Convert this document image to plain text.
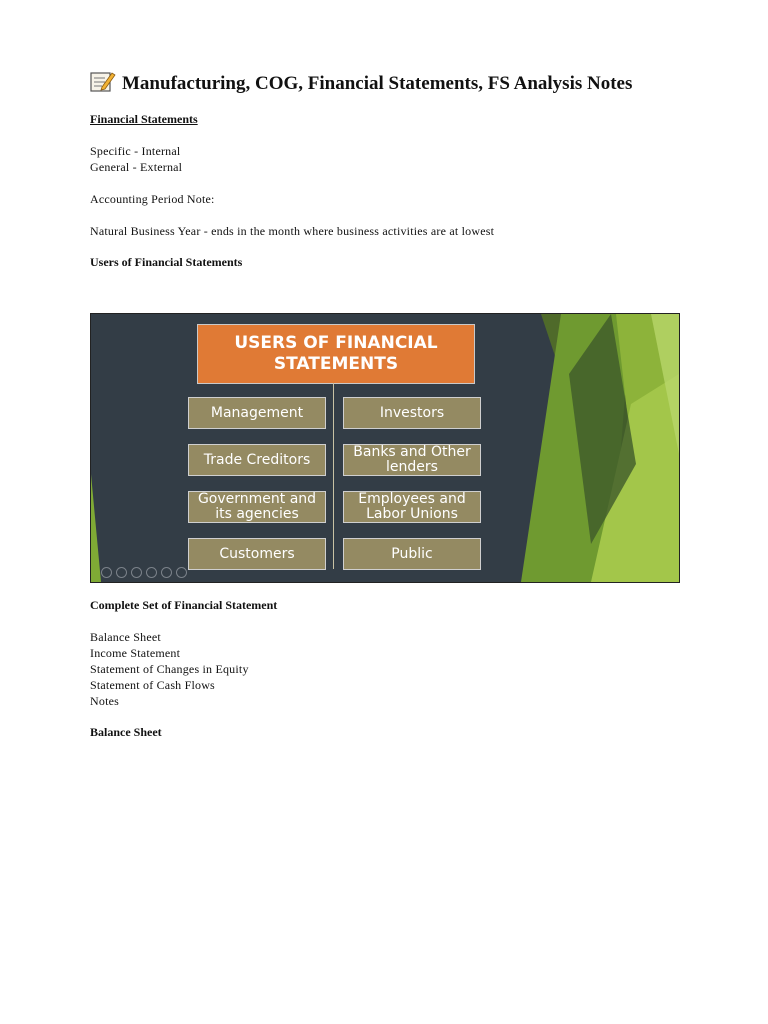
Manufacturing, COG, Financial Statements, FS Analysis Notes
Financial Statements
Specific - Internal
General - External
Accounting Period Note:
Natural Business Year - ends in the month where business activities are at lowest
Users of Financial Statements
USERS OF FINANCIAL STATEMENTS
Management	Investors
Trade Creditors	Banks and Other lenders
Government and its agencies
Employees and Labor Unions
Customers	Public
Complete Set of Financial Statement
Balance Sheet
Income Statement
Statement of Changes in Equity
Statement of Cash Flows
Notes
Balance Sheet
